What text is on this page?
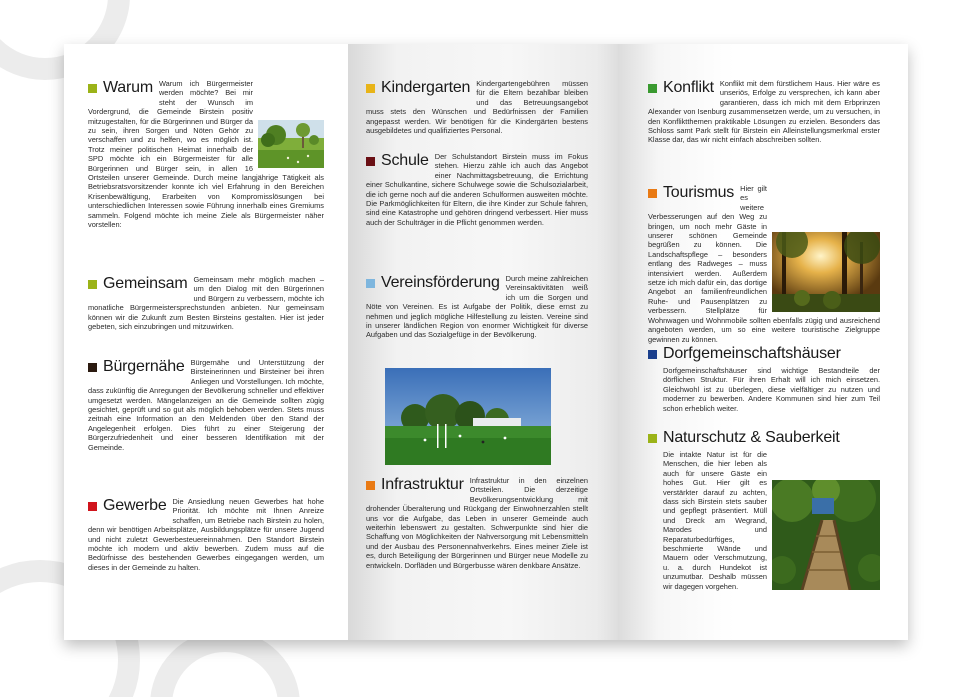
Warum Warum ich Bürgermeister werden möchte? Bei mir steht der Wunsch im Vordergrund, die Gemeinde Birstein positiv mitzugestalten, für die Bürgerinnen und Bürger da zu sein, ihren Sorgen und Nöten Gehör zu verschaffen und zu helfen, wo es möglich ist. Trotz meiner politischen Heimat innerhalb der SPD möchte ich ein Bürgermeister für alle Bürgerinnen und Bürger sein, in allen 16 Ortsteilen unserer Gemeinde. Durch meine langjährige Tätigkeit als Betriebsratsvorsitzender konnte ich viel Erfahrung in den Bereichen Krisenbewältigung, Erarbeiten von Kompromisslösungen bei unterschiedlichen Interessen sowie Führung innerhalb eines Gremiums sammeln. Folgend möchte ich meine Ziele als Bürgermeister näher vorstellen:

Gemeinsam Gemeinsam mehr möglich machen – um den Dialog mit den Bürgerinnen und Bürgern zu verbessern, möchte ich monatliche Bürgermeistersprechstunden anbieten. Nur gemeinsam können wir die Zukunft zum Besten Birsteins gestalten. Hier ist jeder gebeten, sich einzubringen und mitzuwirken.

Bürgernähe Bürgernähe und Unterstützung der Birsteinerinnen und Birsteiner bei ihren Anliegen und Vorstellungen. Ich möchte, dass zukünftig die Anregungen der Bevölkerung schneller und effektiver umgesetzt werden. Mängelanzeigen an die Gemeinde sollten zügig gesichtet, geprüft und so gut als möglich behoben werden. Stets muss zeitnah eine Information an den Meldenden über den Stand der Angelegenheit erfolgen. Dies führt zu einer Steigerung der Bürgerzufriedenheit und einer besseren Identifikation mit der Gemeinde.

Gewerbe Die Ansiedlung neuen Gewerbes hat hohe Priorität. Ich möchte mit Ihnen Anreize schaffen, um Betriebe nach Birstein zu holen, denn wir benötigen Arbeitsplätze, Ausbildungsplätze für unsere Jugend und nicht zuletzt Gewerbesteuereinnahmen. Den Standort Birstein möchte ich modern und aktiv bewerben. Zudem muss auf die Bedürfnisse des bestehenden Gewerbes eingegangen werden, um dieses in der Gemeinde zu halten.

Kindergarten Kindergartengebühren müssen für die Eltern bezahlbar bleiben und das Betreuungsangebot muss stets den Wünschen und Bedürfnissen der Familien angepasst werden. Wir benötigen für die Kindergärten bestens ausgebildetes und qualifiziertes Personal.

Schule Der Schulstandort Birstein muss im Fokus stehen. Hierzu zähle ich auch das Angebot einer Nachmittagsbetreuung, die Errichtung einer Schulkantine, sichere Schulwege sowie die Schulsozialarbeit, die ich gerne noch auf die anderen Schulformen ausweiten möchte. Die Parkmöglichkeiten für Eltern, die ihre Kinder zur Schule fahren, sind eine Katastrophe und gehören dringend verbessert. Hier muss auch der Schulträger in die Pflicht genommen werden.

Vereinsförderung Durch meine zahlreichen Vereinsaktivitäten weiß ich um die Sorgen und Nöte von Vereinen. Es ist Aufgabe der Politik, diese ernst zu nehmen und jeglich mögliche Hilfestellung zu leisten. Vereine sind in unserer ländlichen Region von enormer Wichtigkeit für diverse Aufgaben und das Sozialgefüge in der Bevölkerung.

Infrastruktur Infrastruktur in den einzelnen Ortsteilen. Die derzeitige Bevölkerungsentwicklung mit drohender Überalterung und Rückgang der Einwohnerzahlen stellt uns vor die Aufgabe, das Leben in unserer Gemeinde auch weiterhin lebenswert zu gestalten. Schwerpunkte sind hier die Schaffung von Möglichkeiten der Nahversorgung mit Lebensmitteln und der Ausbau des Personennahverkehrs. Eines meiner Ziele ist es, durch Beteiligung der Bürgerinnen und Bürger neue Modelle zu entwickeln. Dorfläden und Bürgerbusse wären denkbare Ansätze.

Konflikt Konflikt mit dem fürstlichem Haus. Hier wäre es unseriös, Erfolge zu versprechen, ich kann aber garantieren, dass ich mich mit dem Erbprinzen Alexander von Isenburg zusammensetzen werde, um zu versuchen, in den Konfliktthemen praktikable Lösungen zu erzielen. Besonders das Schloss samt Park stellt für Birstein ein Alleinstellungsmerkmal erster Klasse dar, das wir nicht einfach abschreiben sollten.

Tourismus Hier gilt es weitere Verbesserungen auf den Weg zu bringen, um noch mehr Gäste in unserer schönen Gemeinde begrüßen zu können. Die Landschaftspflege – besonders entlang des Radweges – muss intensiviert werden. Außerdem setze ich mich dafür ein, das dortige Angebot an familienfreundlichen Ruhe- und Pausenplätzen zu verbessern. Stellplätze für Wohnwagen und Wohnmobile sollten ebenfalls zügig und ausreichend angeboten werden, um so eine weitere touristische Zielgruppe gewinnen zu können.

Dorfgemeinschaftshäuser

Dorfgemeinschaftshäuser sind wichtige Bestandteile der dörflichen Struktur. Für ihren Erhalt will ich mich einsetzen. Gleichwohl ist zu überlegen, diese vielfältiger zu nutzen und moderner zu bewerben. Andere Kommunen sind hier zum Teil schon erheblich weiter.

Naturschutz & Sauberkeit

Die intakte Natur ist für die Menschen, die hier leben als auch für unsere Gäste ein hohes Gut. Hier gilt es verstärkter darauf zu achten, dass sich Birstein stets sauber und gepflegt präsentiert. Müll und Dreck am Wegrand, Marodes und Reparaturbedürftiges, beschmierte Wände und Mauern oder Verschmutzung, u. a. durch Hundekot ist unzumutbar. Deshalb müssen wir dagegen vorgehen.
